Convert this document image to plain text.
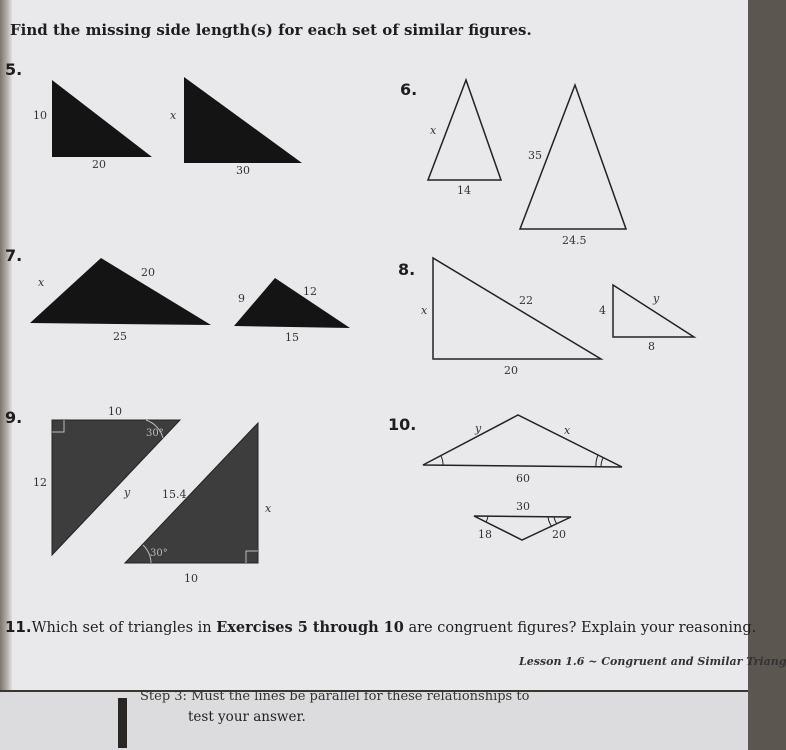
Find the missing side length(s) for each set of similar figures.
5.
6.
7.
8.
9.	10.
10
20
x
30
x
14
35
24.5
x
20
25
9
12
15
x
22
20
4
y
8
10
30°
12
y	15.4
x
30°
10
y	x
60
30
18	20
11.Which set of triangles in Exercises 5 through 10 are congruent figures? Explain your reasoning.
Lesson 1.6 ~ Congruent and Similar Triang
Step 3: Must the lines be parallel for these relationships to
test your answer.
